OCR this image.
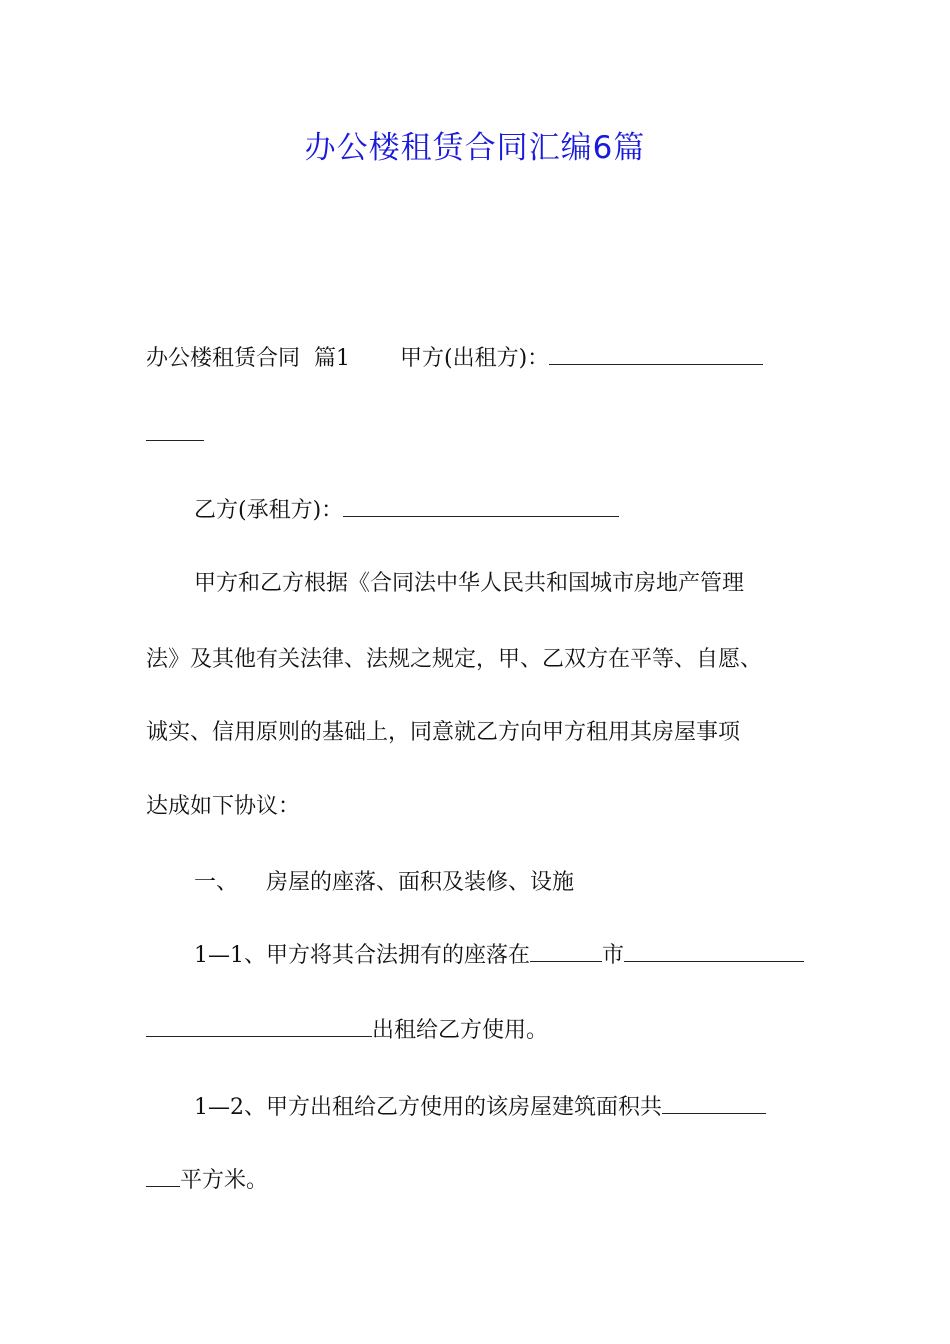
办公楼租赁合同汇编6篇
办公楼租赁合同 篇1 甲方(出租方)：
乙方(承租方)：
甲方和乙方根据《合同法中华人民共和国城市房地产管理
法》及其他有关法律、法规之规定，甲、乙双方在平等、自愿、
诚实、信用原则的基础上，同意就乙方向甲方租用其房屋事项
达成如下协议：
一、 房屋的座落、面积及装修、设施
1—1、甲方将其合法拥有的座落在	市
出租给乙方使用。
1—2、甲方出租给乙方使用的该房屋建筑面积共
平方米。
